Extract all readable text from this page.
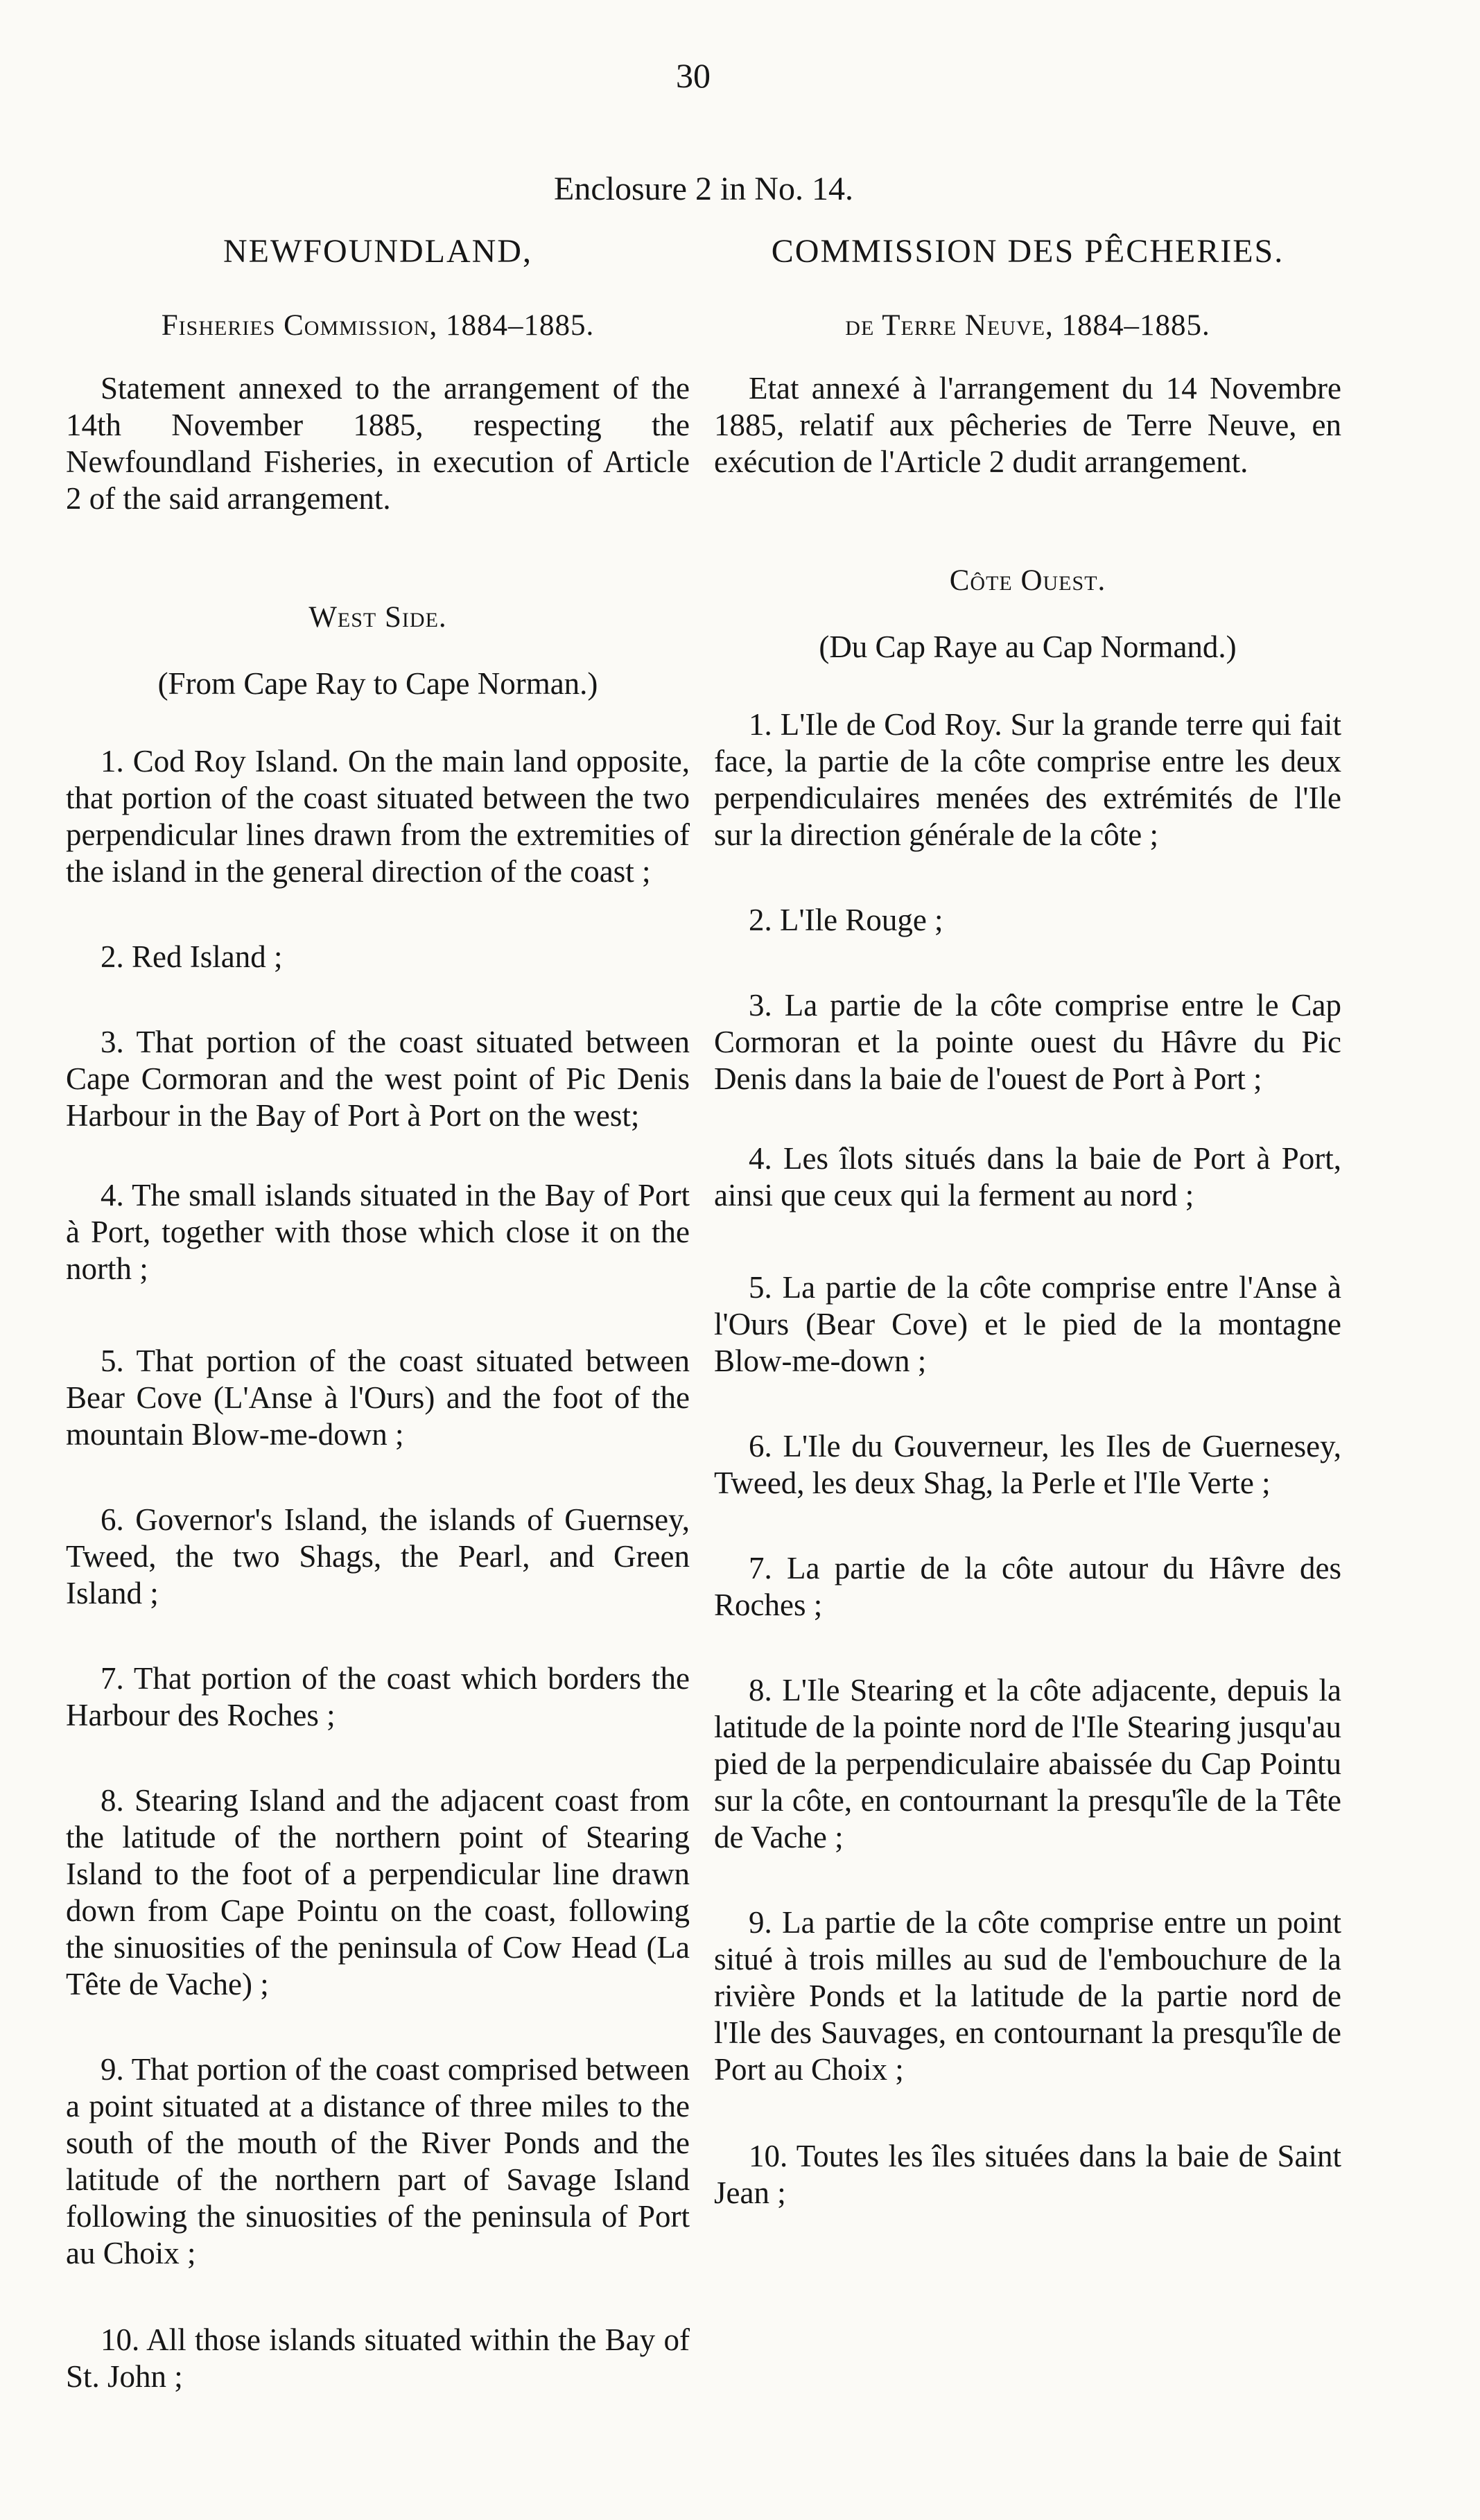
30
Enclosure 2 in No. 14.
NEWFOUNDLAND,
Fisheries Commission, 1884–1885.

Statement annexed to the arrangement of the 14th November 1885, respecting the Newfoundland Fisheries, in execution of Article 2 of the said arrangement.

West Side.
(From Cape Ray to Cape Norman.)

1. Cod Roy Island. On the main land opposite, that portion of the coast situated between the two perpendicular lines drawn from the extremities of the island in the general direction of the coast ;

2. Red Island ;

3. That portion of the coast situated between Cape Cormoran and the west point of Pic Denis Harbour in the Bay of Port à Port on the west;

4. The small islands situated in the Bay of Port à Port, together with those which close it on the north ;

5. That portion of the coast situated between Bear Cove (L'Anse à l'Ours) and the foot of the mountain Blow-me-down ;

6. Governor's Island, the islands of Guernsey, Tweed, the two Shags, the Pearl, and Green Island ;

7. That portion of the coast which borders the Harbour des Roches ;

8. Stearing Island and the adjacent coast from the latitude of the northern point of Stearing Island to the foot of a perpendicular line drawn down from Cape Pointu on the coast, following the sinuosities of the peninsula of Cow Head (La Tête de Vache) ;

9. That portion of the coast comprised between a point situated at a distance of three miles to the south of the mouth of the River Ponds and the latitude of the northern part of Savage Island following the sinuosities of the peninsula of Port au Choix ;

10. All those islands situated within the Bay of St. John ;

COMMISSION DES PÊCHERIES.
de Terre Neuve, 1884–1885.

Etat annexé à l'arrangement du 14 Novembre 1885, relatif aux pêcheries de Terre Neuve, en exécution de l'Article 2 dudit arrangement.

Côte Ouest.
(Du Cap Raye au Cap Normand.)

1. L'Ile de Cod Roy. Sur la grande terre qui fait face, la partie de la côte comprise entre les deux perpendiculaires menées des extrémités de l'Ile sur la direction générale de la côte ;

2. L'Ile Rouge ;

3. La partie de la côte comprise entre le Cap Cormoran et la pointe ouest du Hâvre du Pic Denis dans la baie de l'ouest de Port à Port ;

4. Les îlots situés dans la baie de Port à Port, ainsi que ceux qui la ferment au nord ;

5. La partie de la côte comprise entre l'Anse à l'Ours (Bear Cove) et le pied de la montagne Blow-me-down ;

6. L'Ile du Gouverneur, les Iles de Guernesey, Tweed, les deux Shag, la Perle et l'Ile Verte ;

7. La partie de la côte autour du Hâvre des Roches ;

8. L'Ile Stearing et la côte adjacente, depuis la latitude de la pointe nord de l'Ile Stearing jusqu'au pied de la perpendiculaire abaissée du Cap Pointu sur la côte, en contournant la presqu'île de la Tête de Vache ;

9. La partie de la côte comprise entre un point situé à trois milles au sud de l'embouchure de la rivière Ponds et la latitude de la partie nord de l'Ile des Sauvages, en contournant la presqu'île de Port au Choix ;

10. Toutes les îles situées dans la baie de Saint Jean ;
